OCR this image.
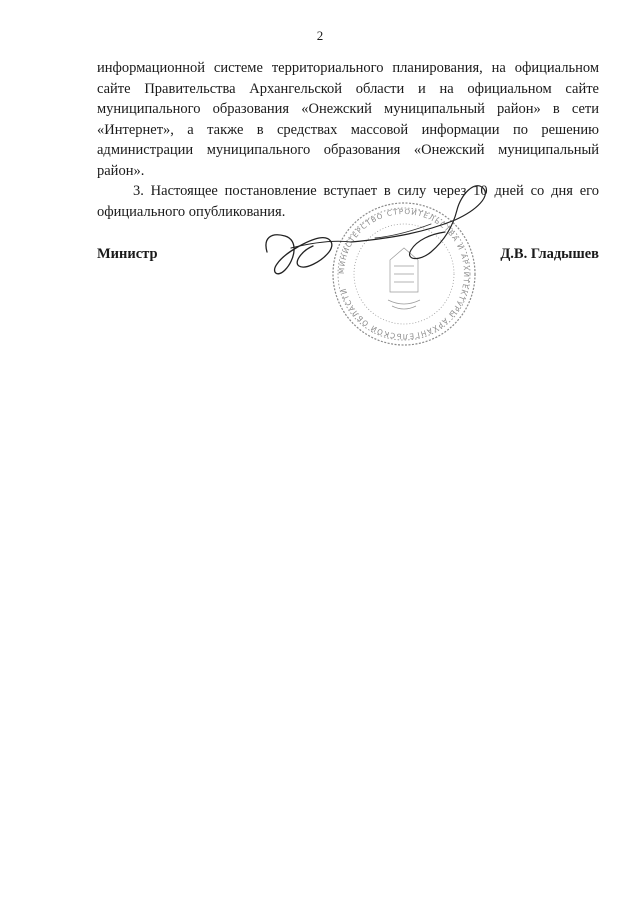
2

информационной системе территориального планирования, на официальном сайте Правительства Архангельской области и на официальном сайте муниципального образования «Онежский муниципальный район» в сети «Интернет», а также в средствах массовой информации по решению администрации муниципального образования «Онежский муниципальный район».

3. Настоящее постановление вступает в силу через 10 дней со дня его официального опубликования.

МИНИСТЕРСТВО СТРОИТЕЛЬСТВА И АРХИТЕКТУРЫ АРХАНГЕЛЬСКОЙ ОБЛАСТИ
Министр	Д.В. Гладышев
